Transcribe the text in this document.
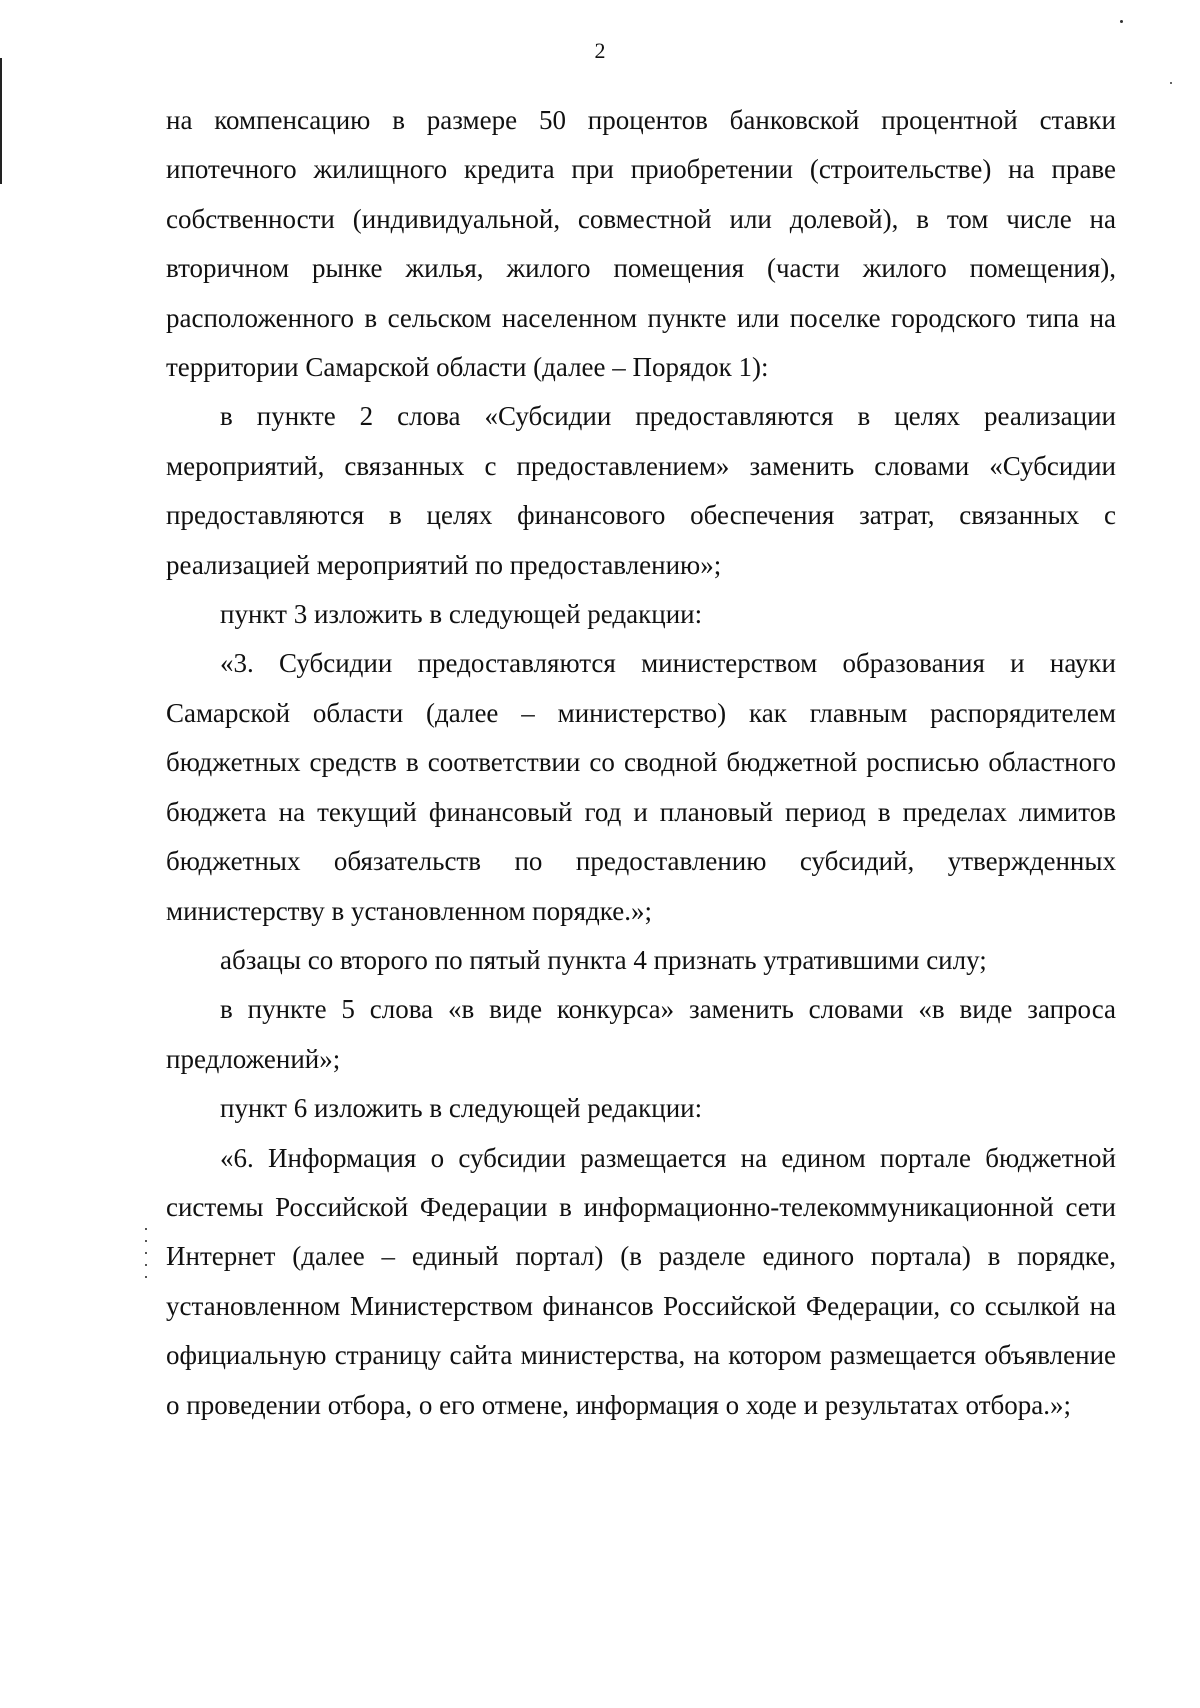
2

на компенсацию в размере 50 процентов банковской процентной ставки ипотечного жилищного кредита при приобретении (строительстве) на праве собственности (индивидуальной, совместной или долевой), в том числе на вторичном рынке жилья, жилого помещения (части жилого помещения), расположенного в сельском населенном пункте или поселке городского типа на территории Самарской области (далее – Порядок 1):

в пункте 2 слова «Субсидии предоставляются в целях реализации мероприятий, связанных с предоставлением» заменить словами «Субсидии предоставляются в целях финансового обеспечения затрат, связанных с реализацией мероприятий по предоставлению»;

пункт 3 изложить в следующей редакции:

«3. Субсидии предоставляются министерством образования и науки Самарской области (далее – министерство) как главным распорядителем бюджетных средств в соответствии со сводной бюджетной росписью областного бюджета на текущий финансовый год и плановый период в пределах лимитов бюджетных обязательств по предоставлению субсидий, утвержденных министерству в установленном порядке.»;

абзацы со второго по пятый пункта 4 признать утратившими силу;

в пункте 5 слова «в виде конкурса» заменить словами «в виде запроса предложений»;

пункт 6 изложить в следующей редакции:

«6. Информация о субсидии размещается на едином портале бюджетной системы Российской Федерации в информационно-телекоммуникационной сети Интернет (далее – единый портал) (в разделе единого портала) в порядке, установленном Министерством финансов Российской Федерации, со ссылкой на официальную страницу сайта министерства, на котором размещается объявление о проведении отбора, о его отмене, информация о ходе и результатах отбора.»;
